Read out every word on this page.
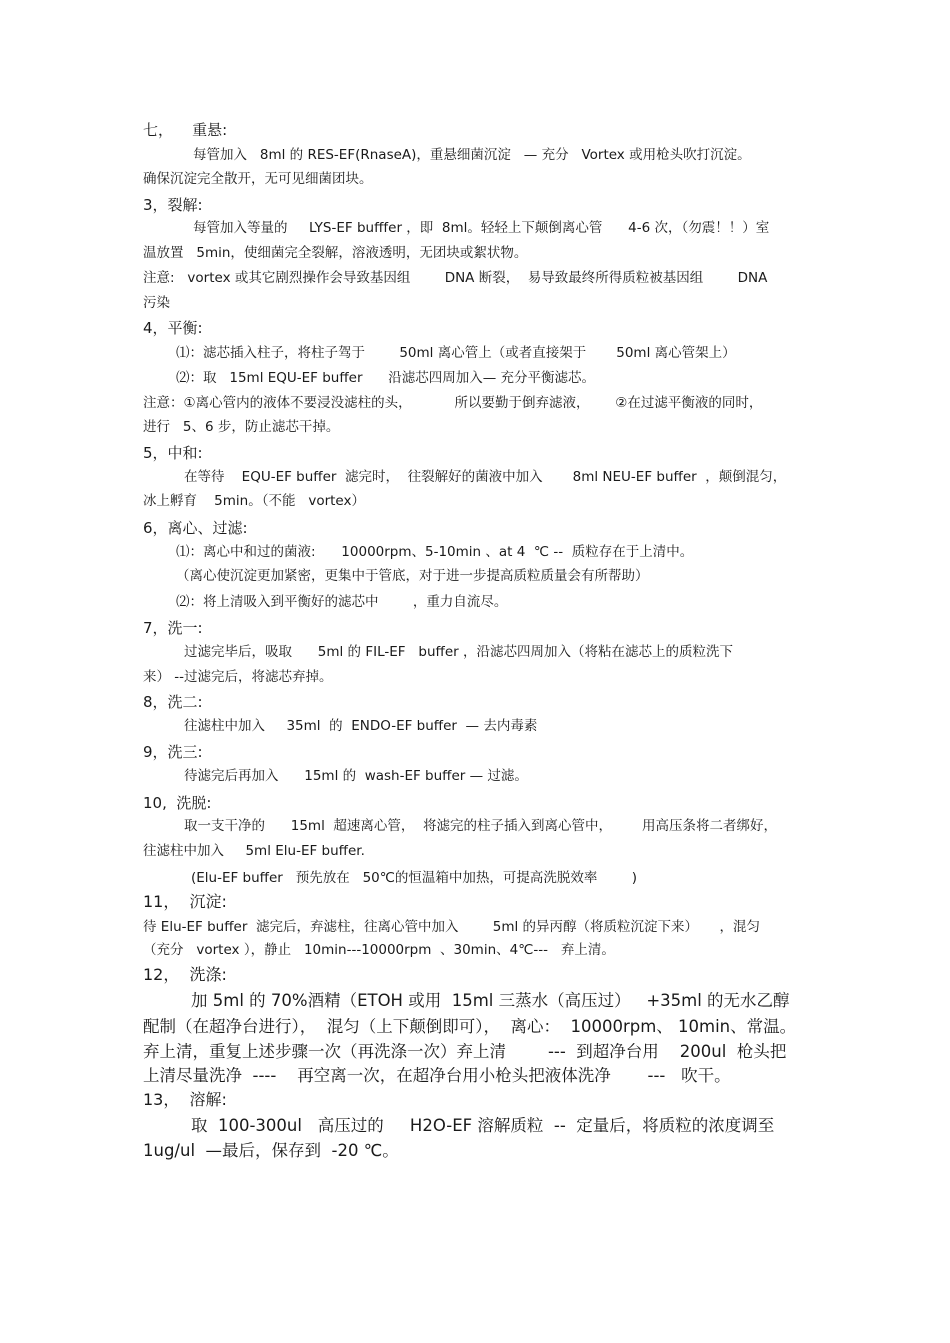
七，    重悬:
每管加入   8ml 的 RES-EF(RnaseA)，重悬细菌沉淀   — 充分   Vortex 或用枪头吹打沉淀。
确保沉淀完全散开，无可见细菌团块。
3，裂解:
每管加入等量的     LYS-EF bufffer ，即  8ml。轻轻上下颠倒离心管      4-6 次，（勿震！！）室
温放置   5min，使细菌完全裂解，溶液透明，无团块或絮状物。
注意:   vortex 或其它剧烈操作会导致基因组        DNA 断裂，  易导致最终所得质粒被基因组        DNA
污染
4，平衡:
⑴：滤芯插入柱子，将柱子驾于        50ml 离心管上（或者直接架于       50ml 离心管架上）
⑵：取   15ml EQU-EF buffer      沿滤芯四周加入— 充分平衡滤芯。
注意：①离心管内的液体不要浸没滤柱的头，          所以要勤于倒弃滤液，      ②在过滤平衡液的同时，
进行   5、6 步，防止滤芯干掉。
5，中和:
在等待    EQU-EF buffer  滤完时，  往裂解好的菌液中加入       8ml NEU-EF buffer  ，颠倒混匀，
冰上孵育    5min。（不能   vortex）
6，离心、过滤:
⑴：离心中和过的菌液:      10000rpm、5-10min 、at 4  ℃ --  质粒存在于上清中。
（离心使沉淀更加紧密，更集中于管底，对于进一步提高质粒质量会有所帮助）
⑵：将上清吸入到平衡好的滤芯中        ，重力自流尽。
7，洗一:
过滤完毕后，吸取      5ml 的 FIL-EF   buffer ，沿滤芯四周加入（将粘在滤芯上的质粒洗下
来） --过滤完后，将滤芯弃掉。
8，洗二:
往滤柱中加入     35ml  的  ENDO-EF buffer  — 去内毒素
9，洗三:
待滤完后再加入      15ml 的  wash-EF buffer — 过滤。
10,  洗脱:
取一支干净的      15ml  超速离心管，  将滤完的柱子插入到离心管中，       用高压条将二者绑好，
往滤柱中加入     5ml Elu-EF buffer.
(Elu-EF buffer   预先放在   50℃的恒温箱中加热，可提高洗脱效率        )
11，  沉淀:
待 Elu-EF buffer  滤完后，弃滤柱，往离心管中加入        5ml 的异丙醇（将质粒沉淀下来）     ，混匀
（充分   vortex ），静止   10min---10000rpm  、30min、4℃---   弃上清。
12，  洗涤:
加 5ml 的 70%酒精（ETOH 或用  15ml 三蒸水（高压过）   +35ml 的无水乙醇
配制（在超净台进行），  混匀（上下颠倒即可），  离心：  10000rpm、 10min、常温。
弃上清，重复上述步骤一次（再洗涤一次）弃上清        ---  到超净台用    200ul  枪头把
上清尽量洗净  ----    再空离一次，在超净台用小枪头把液体洗净       ---   吹干。
13，  溶解:
取  100-300ul   高压过的     H2O-EF 溶解质粒  --  定量后，将质粒的浓度调至
1ug/ul  —最后，保存到  -20 ℃。
